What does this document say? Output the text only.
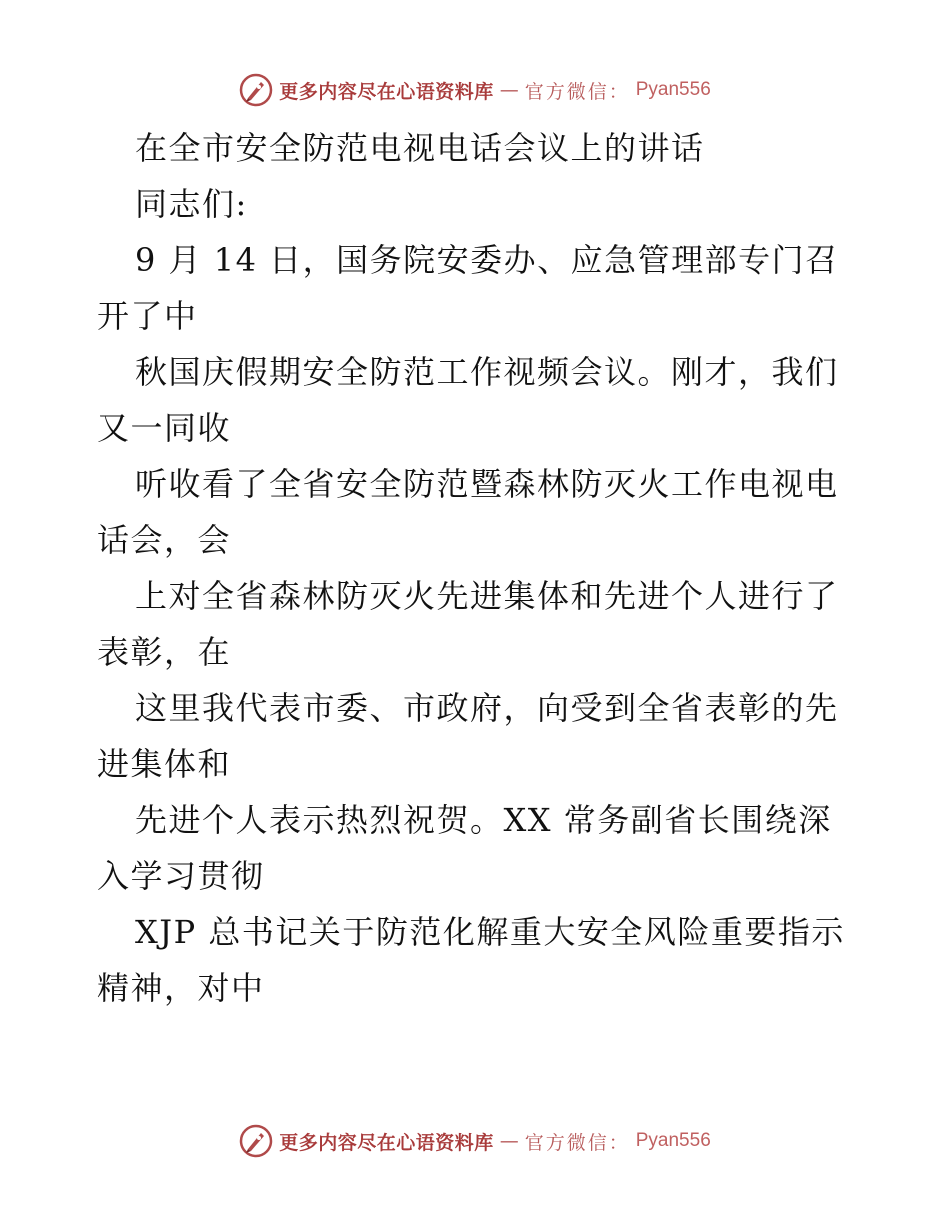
更多内容尽在心语资料库 — 官方微信： Pyan556
在全市安全防范电视电话会议上的讲话
同志们:
9 月 14 日，国务院安委办、应急管理部专门召
开了中
秋国庆假期安全防范工作视频会议。刚才，我们
又一同收
听收看了全省安全防范暨森林防灭火工作电视电
话会，会
上对全省森林防灭火先进集体和先进个人进行了
表彰，在
这里我代表市委、市政府，向受到全省表彰的先
进集体和
先进个人表示热烈祝贺。XX 常务副省长围绕深
入学习贯彻
XJP 总书记关于防范化解重大安全风险重要指示
精神，对中
更多内容尽在心语资料库 — 官方微信： Pyan556
